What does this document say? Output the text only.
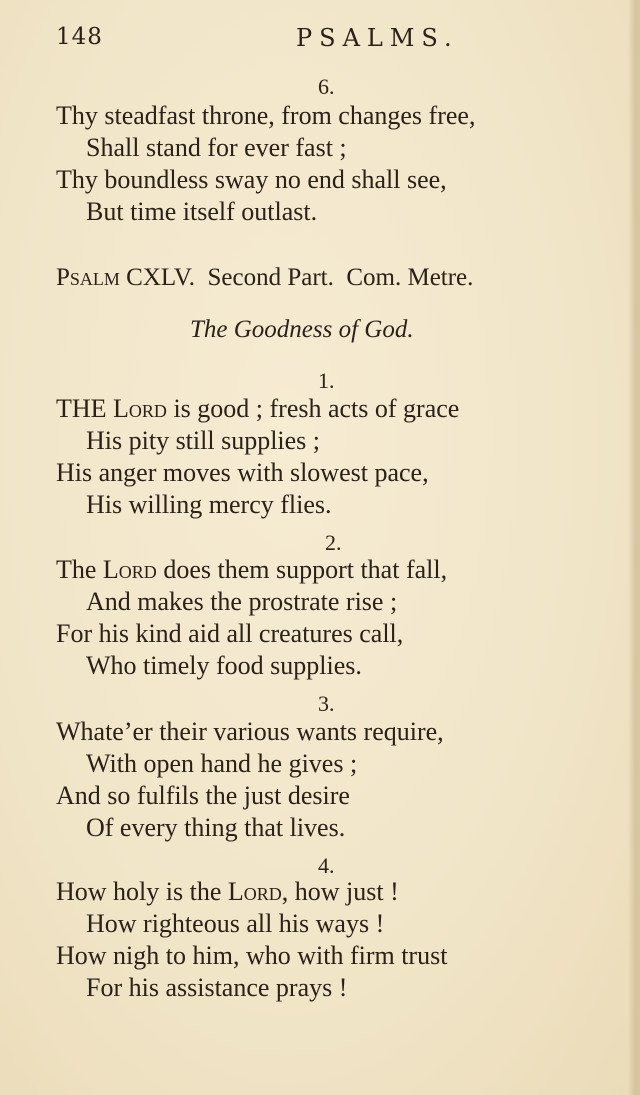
148	PSALMS.
6.
Thy steadfast throne, from changes free,
Shall stand for ever fast ;
Thy boundless sway no end shall see,
But time itself outlast.
Psalm CXLV. Second Part. Com. Metre.
The Goodness of God.
1.
THE Lord is good ; fresh acts of grace
His pity still supplies ;
His anger moves with slowest pace,
His willing mercy flies.
2.
The Lord does them support that fall,
And makes the prostrate rise ;
For his kind aid all creatures call,
Who timely food supplies.
3.
Whate’er their various wants require,
With open hand he gives ;
And so fulfils the just desire
Of every thing that lives.
4.
How holy is the Lord, how just !
How righteous all his ways !
How nigh to him, who with firm trust
For his assistance prays !
